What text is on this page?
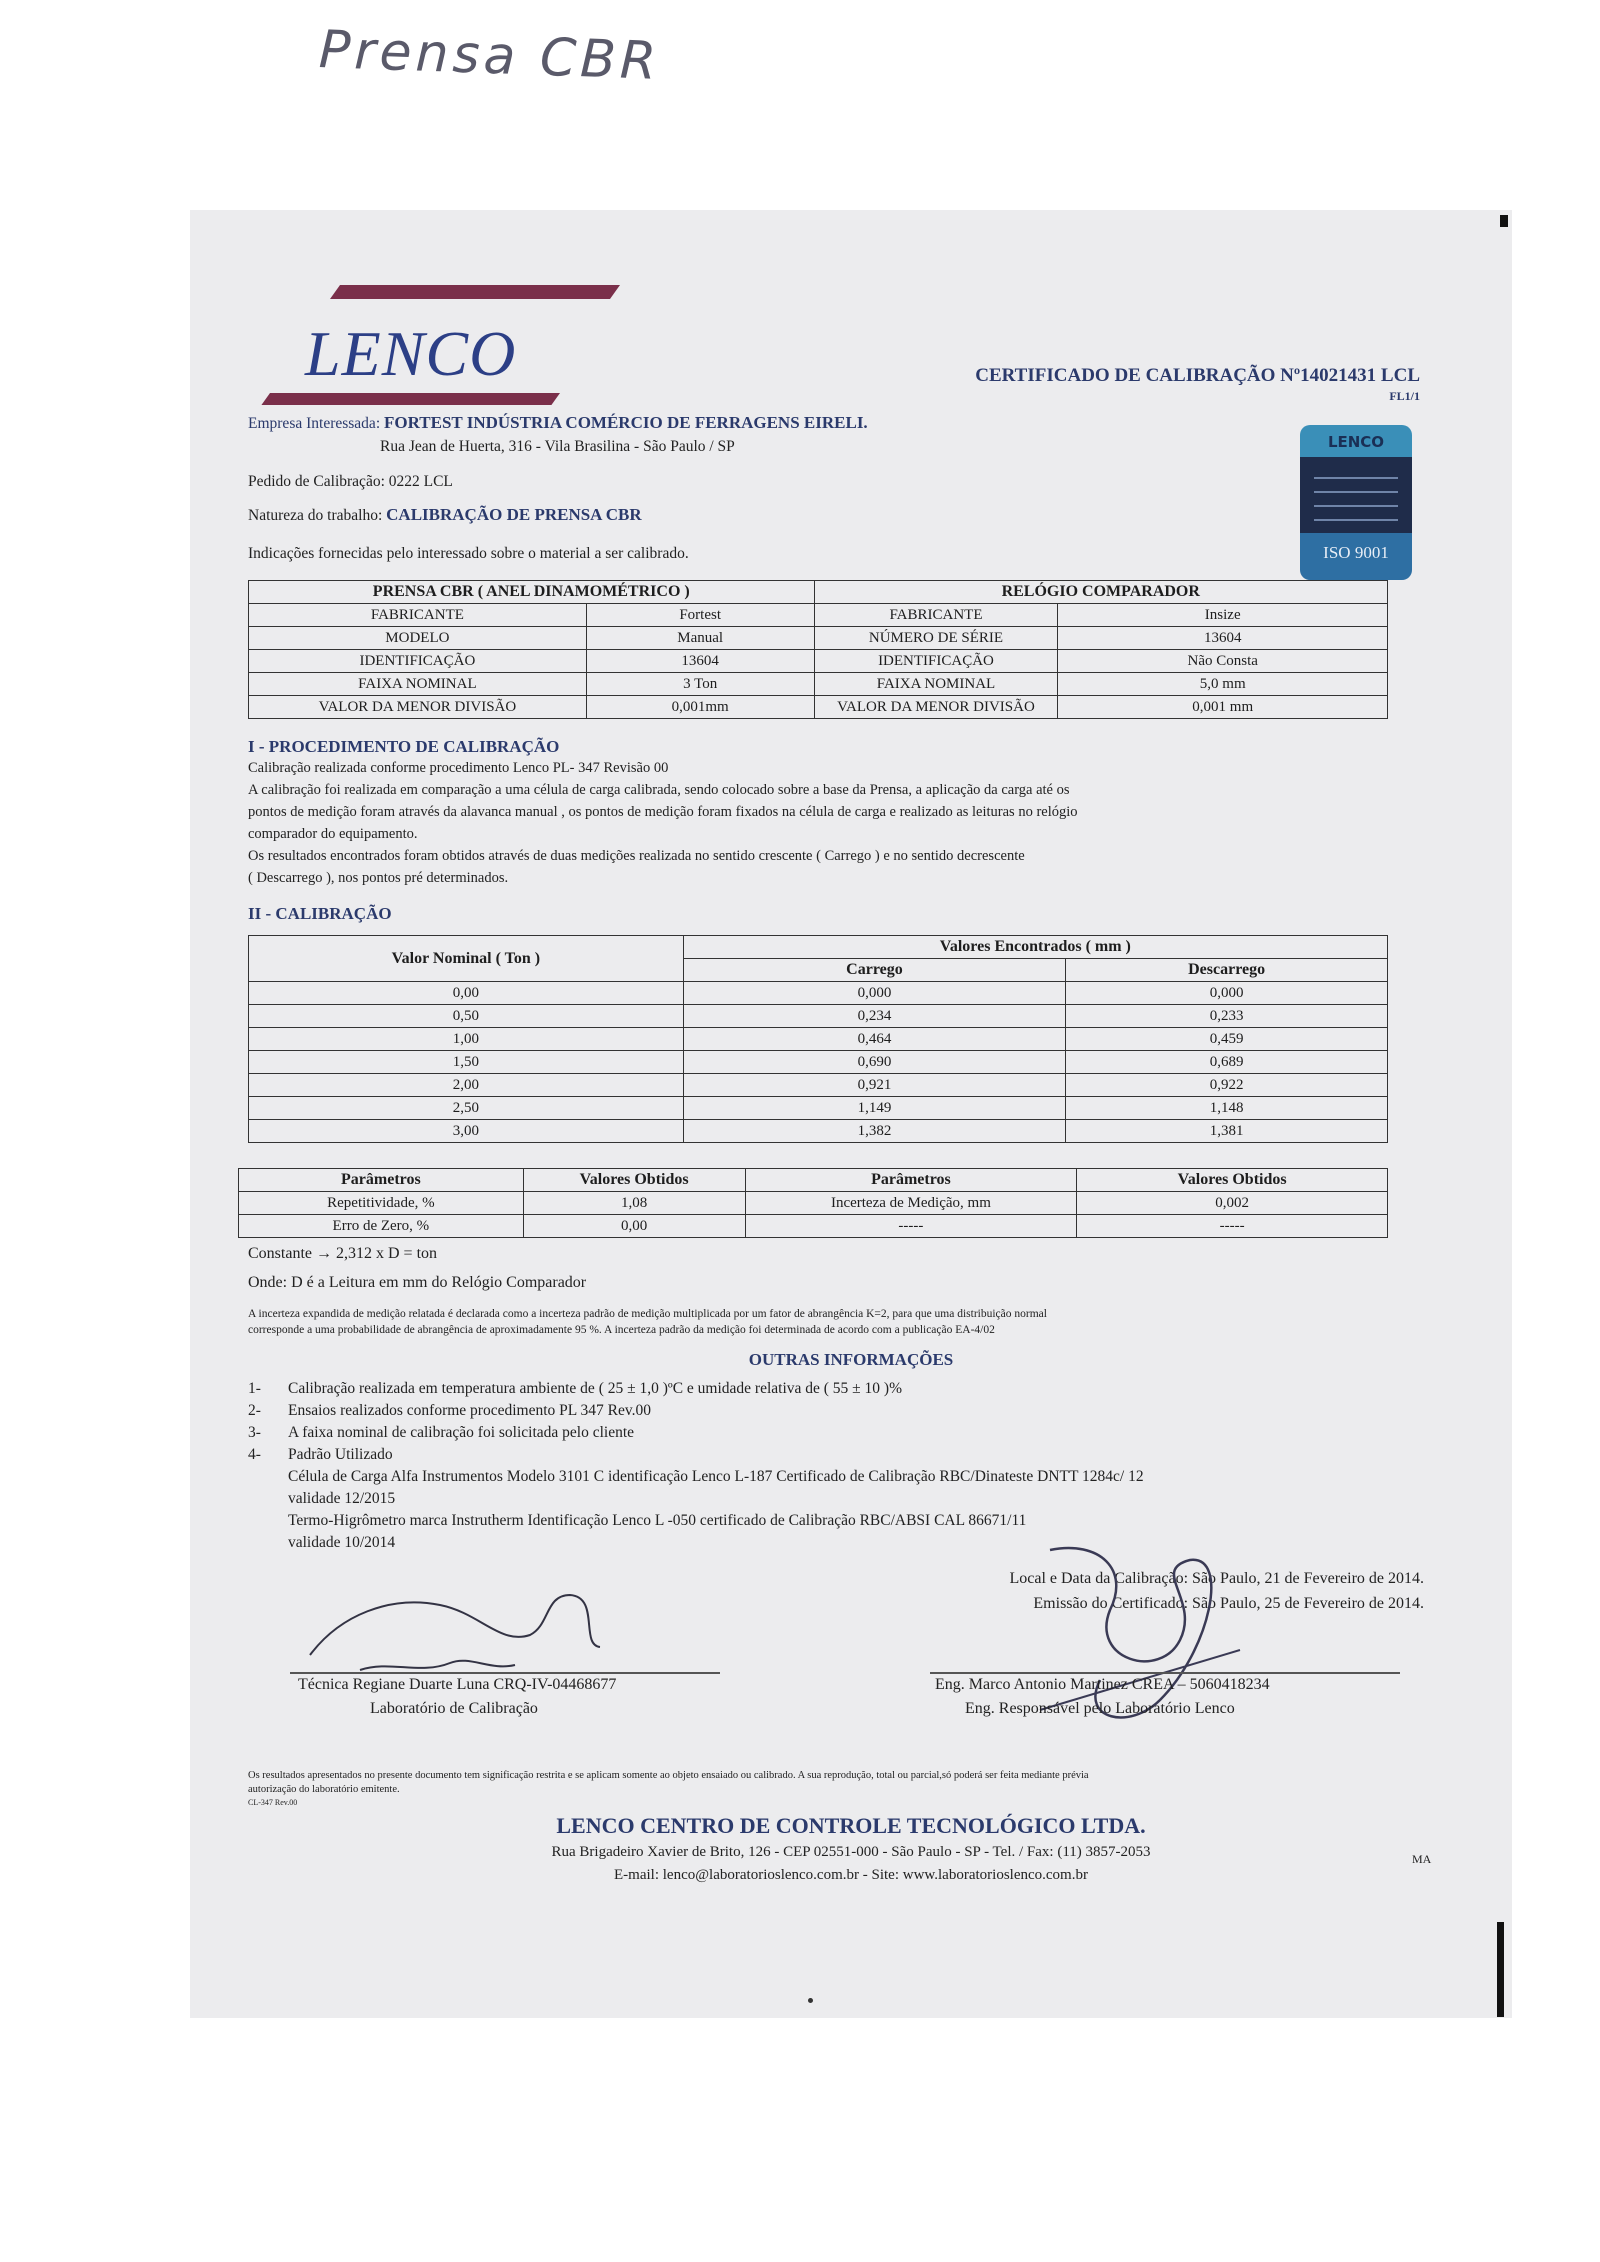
Prensa CBR
LENCO	CERTIFICADO DE CALIBRAÇÃO Nº14021431 LCL
FL1/1
LENCO
ISO 9001
Empresa Interessada: FORTEST INDÚSTRIA COMÉRCIO DE FERRAGENS EIRELI.
Rua Jean de Huerta, 316 - Vila Brasilina - São Paulo / SP
Pedido de Calibração: 0222 LCL
Natureza do trabalho: CALIBRAÇÃO DE PRENSA CBR
Indicações fornecidas pelo interessado sobre o material a ser calibrado.
PRENSA CBR ( ANEL DINAMOMÉTRICO )		RELÓGIO COMPARADOR	
FABRICANTE	Fortest	FABRICANTE	Insize
MODELO	Manual	NÚMERO DE SÉRIE	13604
IDENTIFICAÇÃO	13604	IDENTIFICAÇÃO	Não Consta
FAIXA NOMINAL	3 Ton	FAIXA NOMINAL	5,0 mm
VALOR DA MENOR DIVISÃO	0,001mm	VALOR DA MENOR DIVISÃO	0,001 mm
I - PROCEDIMENTO DE CALIBRAÇÃO
Calibração realizada conforme procedimento Lenco PL- 347 Revisão 00
A calibração foi realizada em comparação a uma célula de carga calibrada, sendo colocado sobre a base da Prensa, a aplicação da carga até os
pontos de medição foram através da alavanca manual , os pontos de medição foram fixados na célula de carga e realizado as leituras no relógio
comparador do equipamento.
Os resultados encontrados foram obtidos através de duas medições realizada no sentido crescente ( Carrego ) e no sentido decrescente
( Descarrego ), nos pontos pré determinados.
II - CALIBRAÇÃO
Valor Nominal ( Ton )	Valores Encontrados ( mm )	
	Carrego	Descarrego
0,00	0,000	0,000
0,50	0,234	0,233
1,00	0,464	0,459
1,50	0,690	0,689
2,00	0,921	0,922
2,50	1,149	1,148
3,00	1,382	1,381
Parâmetros	Valores Obtidos	Parâmetros	Valores Obtidos
Repetitividade, %	1,08	Incerteza de Medição, mm	0,002
Erro de Zero, %	0,00	-----	-----
Constante → 2,312 x D = ton
Onde: D é a Leitura em mm do Relógio Comparador
A incerteza expandida de medição relatada é declarada como a incerteza padrão de medição multiplicada por um fator de abrangência K=2, para que uma distribuição normal
corresponde a uma probabilidade de abrangência de aproximadamente 95 %. A incerteza padrão da medição foi determinada de acordo com a publicação EA-4/02
OUTRAS INFORMAÇÕES
1- Calibração realizada em temperatura ambiente de ( 25 ± 1,0 )ºC e umidade relativa de ( 55 ± 10 )%
2- Ensaios realizados conforme procedimento PL 347 Rev.00
3- A faixa nominal de calibração foi solicitada pelo cliente
4- Padrão Utilizado
Célula de Carga Alfa Instrumentos Modelo 3101 C identificação Lenco L-187 Certificado de Calibração RBC/Dinateste DNTT 1284c/ 12
validade 12/2015
Termo-Higrômetro marca Instrutherm Identificação Lenco L -050 certificado de Calibração RBC/ABSI CAL 86671/11
validade 10/2014
Local e Data da Calibração: São Paulo, 21 de Fevereiro de 2014.
Emissão do Certificado: São Paulo, 25 de Fevereiro de 2014.
Técnica Regiane Duarte Luna CRQ-IV-04468677
Laboratório de Calibração
Eng. Marco Antonio Martinez CREA – 5060418234
Eng. Responsável pelo Laboratório Lenco
Os resultados apresentados no presente documento tem significação restrita e se aplicam somente ao objeto ensaiado ou calibrado. A sua reprodução, total ou parcial,só poderá ser feita mediante prévia
autorização do laboratório emitente.
CL-347 Rev.00
LENCO CENTRO DE CONTROLE TECNOLÓGICO LTDA.
Rua Brigadeiro Xavier de Brito, 126 - CEP 02551-000 - São Paulo - SP - Tel. / Fax: (11) 3857-2053
E-mail: lenco@laboratorioslenco.com.br - Site: www.laboratorioslenco.com.br
MA
